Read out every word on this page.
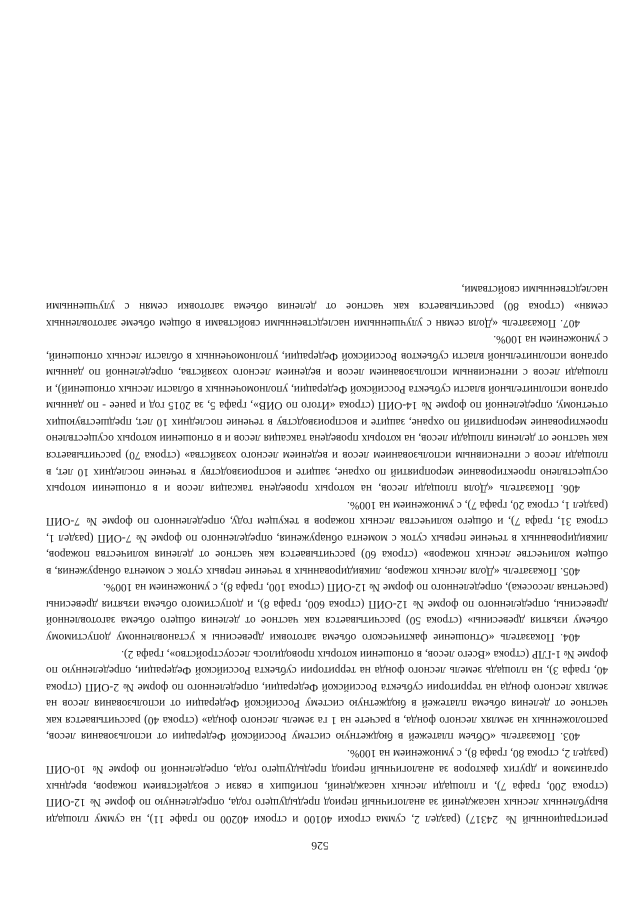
526

регистрационный № 24317) (раздел 2, сумма строки 40100 и строки 40200 по графе 11), на сумму площади вырубленных лесных насаждений за аналогичный период предыдущего года, определенную по форме № 12-ОИП (строка 200, графа 7), и площади лесных насаждений, погибших в связи с воздействием пожаров, вредных организмов и других факторов за аналогичный период предыдущего года, определенной по форме № 10-ОИП (раздел 2, строка 80, графа 8), с умножением на 100%.

403. Показатель «Объем платежей в бюджетную систему Российской Федерации от использования лесов, расположенных на землях лесного фонда, в расчете на 1 га земель лесного фонда» (строка 40) рассчитывается как частное от деления объема платежей в бюджетную систему Российской Федерации от использования лесов на землях лесного фонда на территории субъекта Российской Федерации, определенного по форме № 2-ОИП (строка 40, графа 3), на площадь земель лесного фонда на территории субъекта Российской Федерации, определенную по форме № 1-ГЛР (строка «Всего лесов, в отношении которых проводилось лесоустройство», графа 2).

404. Показатель «Отношение фактического объема заготовки древесины к установленному допустимому объему изъятия древесины» (строка 50) рассчитывается как частное от деления общего объема заготовленной древесины, определенного по форме № 12-ОИП (строка 600, графа 8), и допустимого объема изъятия древесины (расчетная лесосека), определенного по форме № 12-ОИП (строка 100, графа 8), с умножением на 100%.

405. Показатель «Доля лесных пожаров, ликвидированных в течение первых суток с момента обнаружения, в общем количестве лесных пожаров» (строка 60) рассчитывается как частное от деления количества пожаров, ликвидированных в течение первых суток с момента обнаружения, определенного по форме № 7-ОИП (раздел 1, строка 31, графа 7), и общего количества лесных пожаров в текущем году, определенного по форме № 7-ОИП (раздел 1, строка 20, графа 7), с умножением на 100%.

406. Показатель «Доля площади лесов, на которых проведена таксация лесов и в отношении которых осуществлено проектирование мероприятий по охране, защите и воспроизводству в течение последних 10 лет, в площади лесов с интенсивным использованием лесов и ведением лесного хозяйства» (строка 70) рассчитывается как частное от деления площади лесов, на которых проведена таксация лесов и в отношении которых осуществлено проектирование мероприятий по охране, защите и воспроизводству в течение последних 10 лет, предшествующих отчетному, определенной по форме № 14-ОИП (строка «Итого по ОИВ», графа 5, за 2015 год и ранее - по данным органов исполнительной власти субъекта Российской Федерации, уполномоченных в области лесных отношений), и площади лесов с интенсивным использованием лесов и ведением лесного хозяйства, определенной по данным органов исполнительной власти субъектов Российской Федерации, уполномоченных в области лесных отношений, с умножением на 100%.

407. Показатель «Доля семян с улучшенными наследственными свойствами в общем объеме заготовленных семян» (строка 80) рассчитывается как частное от деления объема заготовки семян с улучшенными наследственными свойствами,
